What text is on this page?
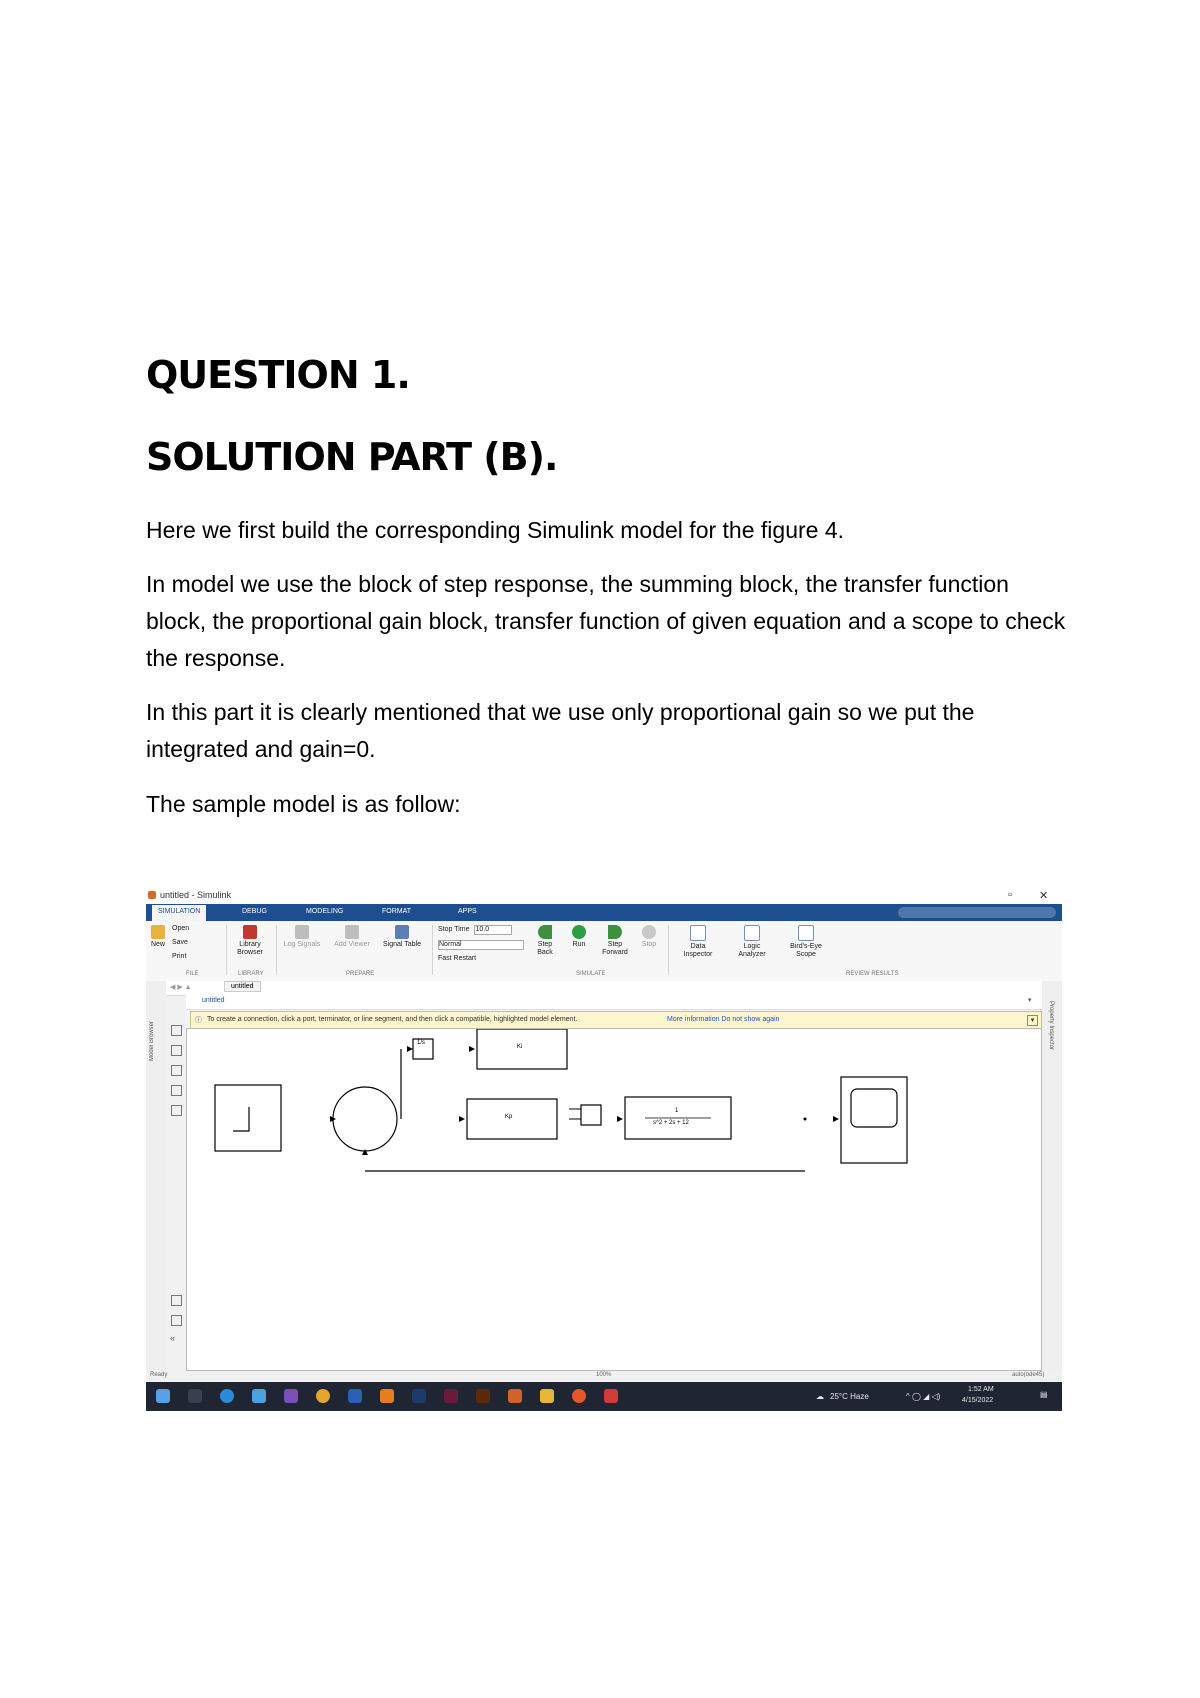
QUESTION 1.
SOLUTION PART (B).

Here we first build the corresponding Simulink model for the figure 4.

In model we use the block of step response, the summing block, the transfer function block, the proportional gain block, transfer function of given equation and a scope to check the response.

In this part it is clearly mentioned that we use only proportional gain so we put the integrated and gain=0.

The sample model is as follow:

untitled - Simulink	▫ ✕
SIMULATION	DEBUG	MODELING	FORMAT	APPS
New
Open
Save
Print
Library Browser
Log Signals	Add Viewer	Signal Table
Stop Time 10.0
Normal
Fast Restart
Step Back
Run	Step Forward
Stop	Data Inspector
Logic Analyzer
Bird's-Eye Scope
FILE	LIBRARY	PREPARE	SIMULATE	REVIEW RESULTS
Model Browser
«
Property Inspector
◀ ▶ ▲	untitled
untitled	▾
ⓘ To create a connection, click a port, terminator, or line segment, and then click a compatible, highlighted model element.	More information Do not show again	▾
1/s
Ki
Kp
1
s^2 + 2s + 12
Ready	100%	auto(ode45)
☁ 25°C Haze	^ ◯ ◢ ◁)
1:52 AM
4/15/2022
▤
